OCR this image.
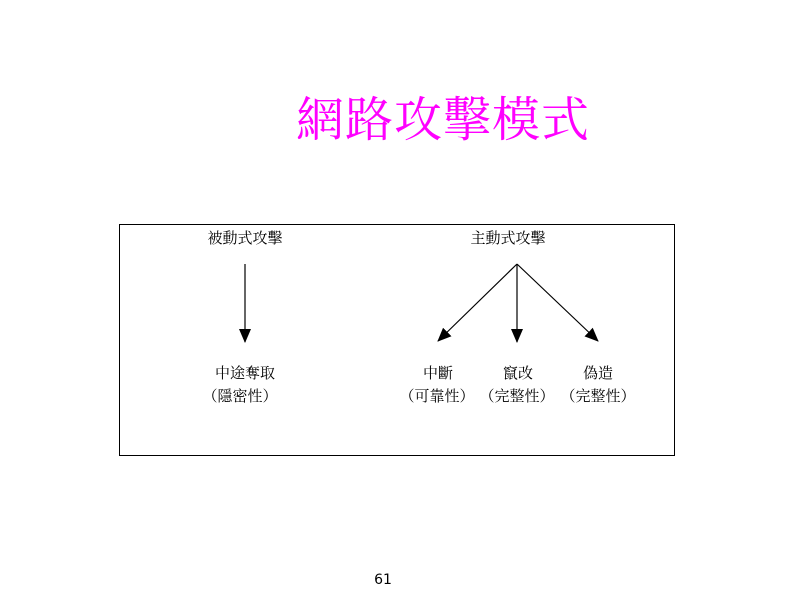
網路攻擊模式
被動式攻擊	主動式攻擊
中途奪取
（隱密性）
中斷
（可靠性）
竄改
（完整性）
偽造
（完整性）
61
